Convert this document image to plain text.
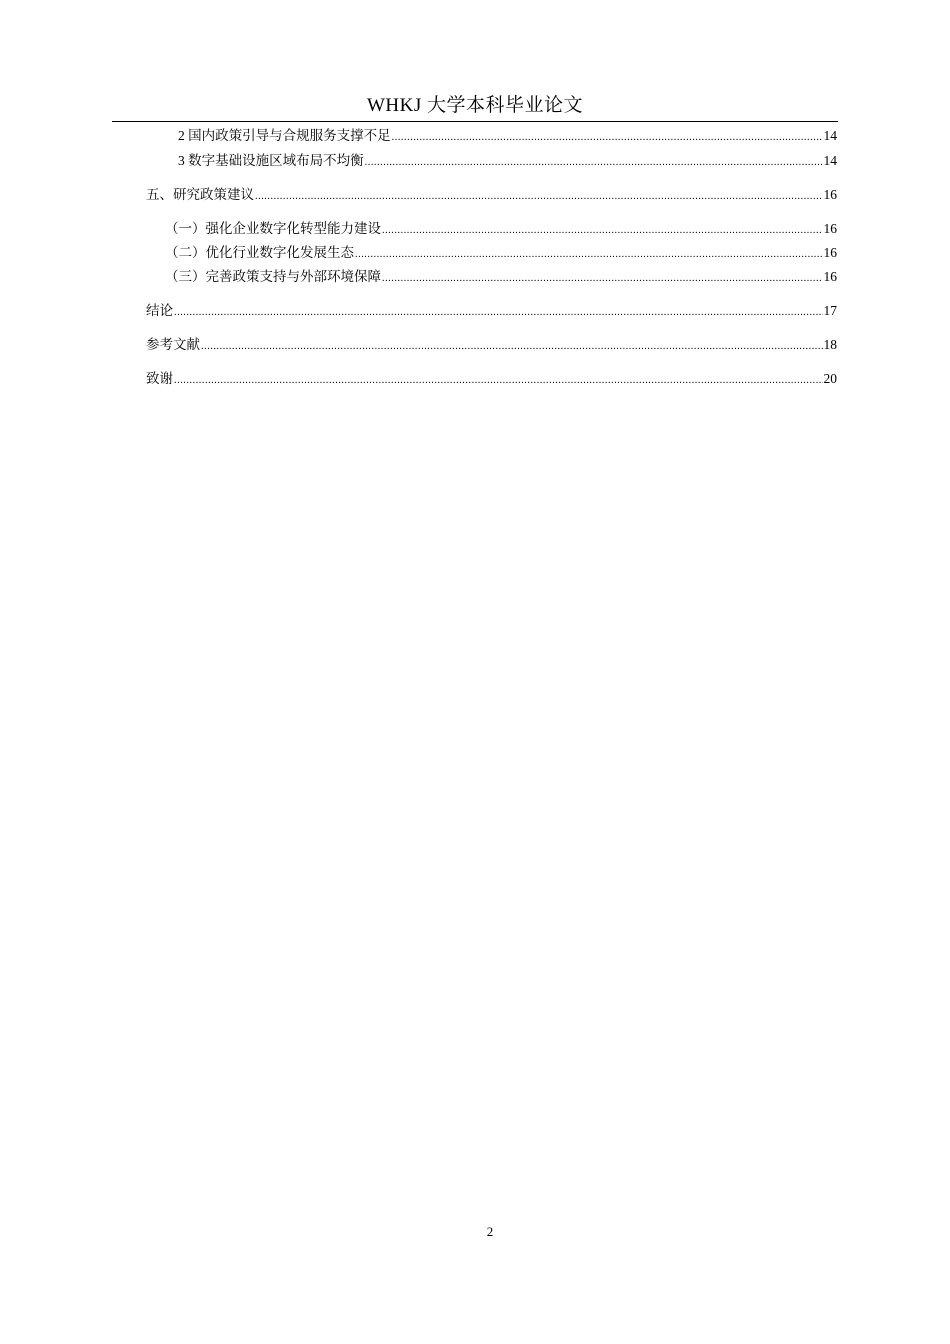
WHKJ 大学本科毕业论文
2 国内政策引导与合规服务支撑不足 .....	14
3 数字基础设施区域布局不均衡 .....	14
五、研究政策建议 .....	16
（一）强化企业数字化转型能力建设 .....	16
（二）优化行业数字化发展生态 .....	16
（三）完善政策支持与外部环境保障 .....	16
结论 .....	17
参考文献 .....	18
致谢 .....	20
2
